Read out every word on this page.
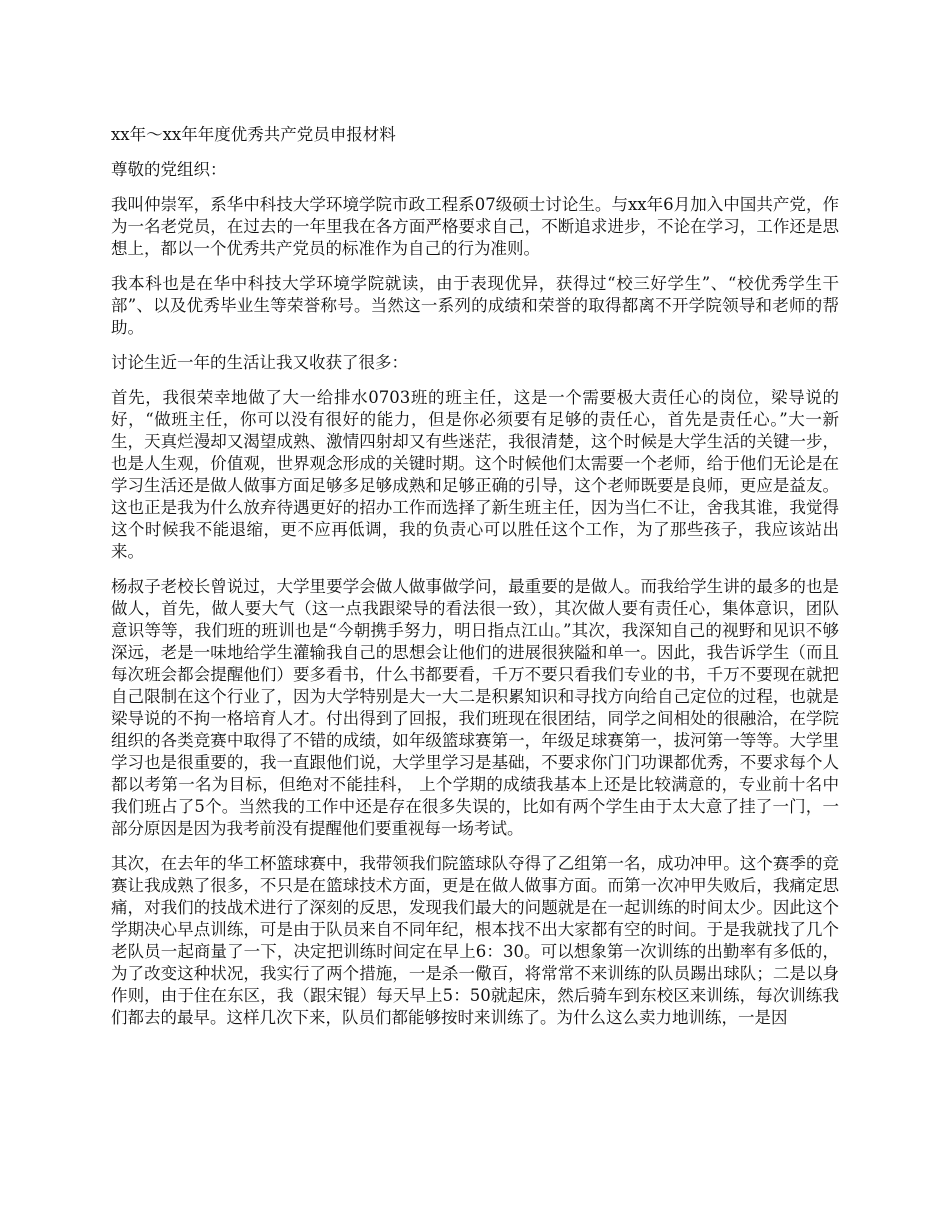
xx年～xx年年度优秀共产党员申报材料

尊敬的党组织：

我叫仲崇军，系华中科技大学环境学院市政工程系07级硕士讨论生。与xx年6月加入中国共产党，作为一名老党员，在过去的一年里我在各方面严格要求自己，不断追求进步，不论在学习，工作还是思想上，都以一个优秀共产党员的标准作为自己的行为准则。

我本科也是在华中科技大学环境学院就读，由于表现优异，获得过“校三好学生”、“校优秀学生干部”、以及优秀毕业生等荣誉称号。当然这一系列的成绩和荣誉的取得都离不开学院领导和老师的帮助。

讨论生近一年的生活让我又收获了很多：

首先，我很荣幸地做了大一给排水0703班的班主任，这是一个需要极大责任心的岗位，梁导说的好，“做班主任，你可以没有很好的能力，但是你必须要有足够的责任心，首先是责任心。”大一新生，天真烂漫却又渴望成熟、激情四射却又有些迷茫，我很清楚，这个时候是大学生活的关键一步，也是人生观，价值观，世界观念形成的关键时期。这个时候他们太需要一个老师，给于他们无论是在学习生活还是做人做事方面足够多足够成熟和足够正确的引导，这个老师既要是良师，更应是益友。这也正是我为什么放弃待遇更好的招办工作而选择了新生班主任，因为当仁不让，舍我其谁，我觉得这个时候我不能退缩，更不应再低调，我的负责心可以胜任这个工作，为了那些孩子，我应该站出来。

杨叔子老校长曾说过，大学里要学会做人做事做学问，最重要的是做人。而我给学生讲的最多的也是做人，首先，做人要大气（这一点我跟梁导的看法很一致），其次做人要有责任心，集体意识，团队意识等等，我们班的班训也是“今朝携手努力，明日指点江山。”其次，我深知自己的视野和见识不够深远，老是一味地给学生灌输我自己的思想会让他们的进展很狭隘和单一。因此，我告诉学生（而且每次班会都会提醒他们）要多看书，什么书都要看，千万不要只看我们专业的书，千万不要现在就把自己限制在这个行业了，因为大学特别是大一大二是积累知识和寻找方向给自己定位的过程，也就是梁导说的不拘一格培育人才。付出得到了回报，我们班现在很团结，同学之间相处的很融洽，在学院组织的各类竞赛中取得了不错的成绩，如年级篮球赛第一，年级足球赛第一，拔河第一等等。大学里学习也是很重要的，我一直跟他们说，大学里学习是基础，不要求你门门功课都优秀，不要求每个人都以考第一名为目标，但绝对不能挂科， 上个学期的成绩我基本上还是比较满意的，专业前十名中我们班占了5个。当然我的工作中还是存在很多失误的，比如有两个学生由于太大意了挂了一门，一部分原因是因为我考前没有提醒他们要重视每一场考试。

其次，在去年的华工杯篮球赛中，我带领我们院篮球队夺得了乙组第一名，成功冲甲。这个赛季的竞赛让我成熟了很多，不只是在篮球技术方面，更是在做人做事方面。而第一次冲甲失败后，我痛定思痛，对我们的技战术进行了深刻的反思，发现我们最大的问题就是在一起训练的时间太少。因此这个学期决心早点训练，可是由于队员来自不同年纪，根本找不出大家都有空的时间。于是我就找了几个老队员一起商量了一下，决定把训练时间定在早上6：30。可以想象第一次训练的出勤率有多低的，为了改变这种状况，我实行了两个措施，一是杀一儆百，将常常不来训练的队员踢出球队；二是以身作则，由于住在东区，我（跟宋锟）每天早上5：50就起床，然后骑车到东校区来训练，每次训练我们都去的最早。这样几次下来，队员们都能够按时来训练了。为什么这么卖力地训练，一是因
